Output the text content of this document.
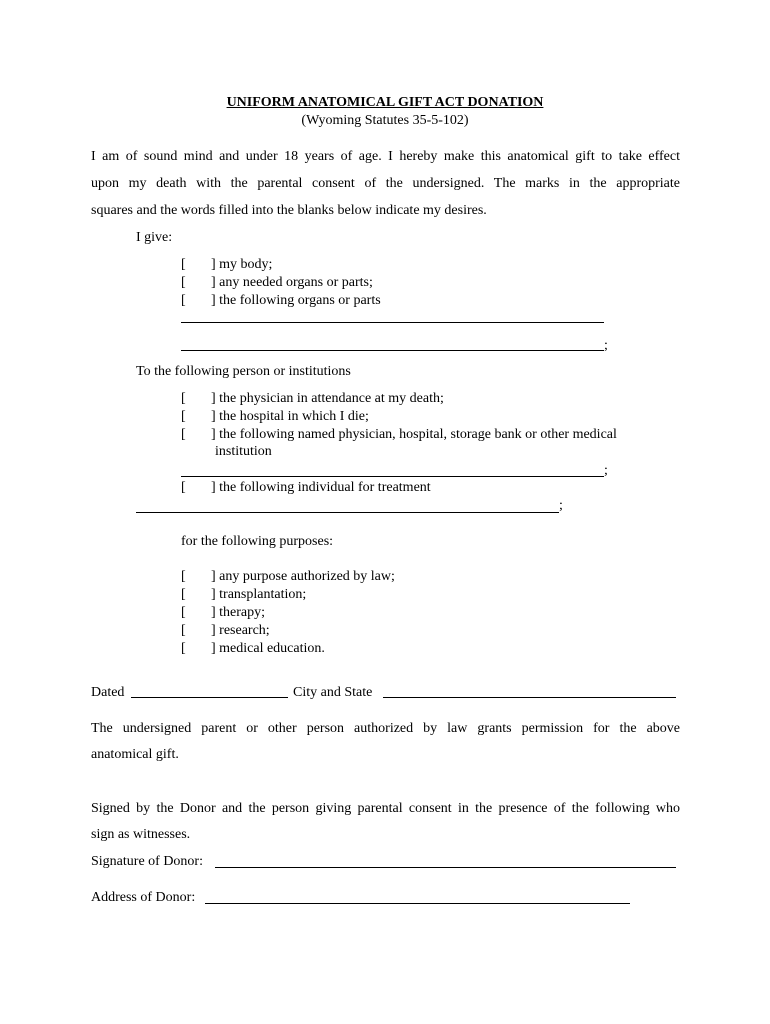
UNIFORM ANATOMICAL GIFT ACT DONATION
(Wyoming Statutes 35-5-102)
I am of sound mind and under 18 years of age. I hereby make this anatomical gift to take effect
upon my death with the parental consent of the undersigned. The marks in the appropriate
squares and the words filled into the blanks below indicate my desires.
I give:
[ ] my body;
[ ] any needed organs or parts;
[ ] the following organs or parts
;
To the following person or institutions
[ ] the physician in attendance at my death;
[ ] the hospital in which I die;
[ ] the following named physician, hospital, storage bank or other medical
institution
;
[ ] the following individual for treatment
;
for the following purposes:
[ ] any purpose authorized by law;
[ ] transplantation;
[ ] therapy;
[ ] research;
[ ] medical education.
Dated	City and State
The undersigned parent or other person authorized by law grants permission for the above
anatomical gift.
Signed by the Donor and the person giving parental consent in the presence of the following who
sign as witnesses.
Signature of Donor:
Address of Donor:
